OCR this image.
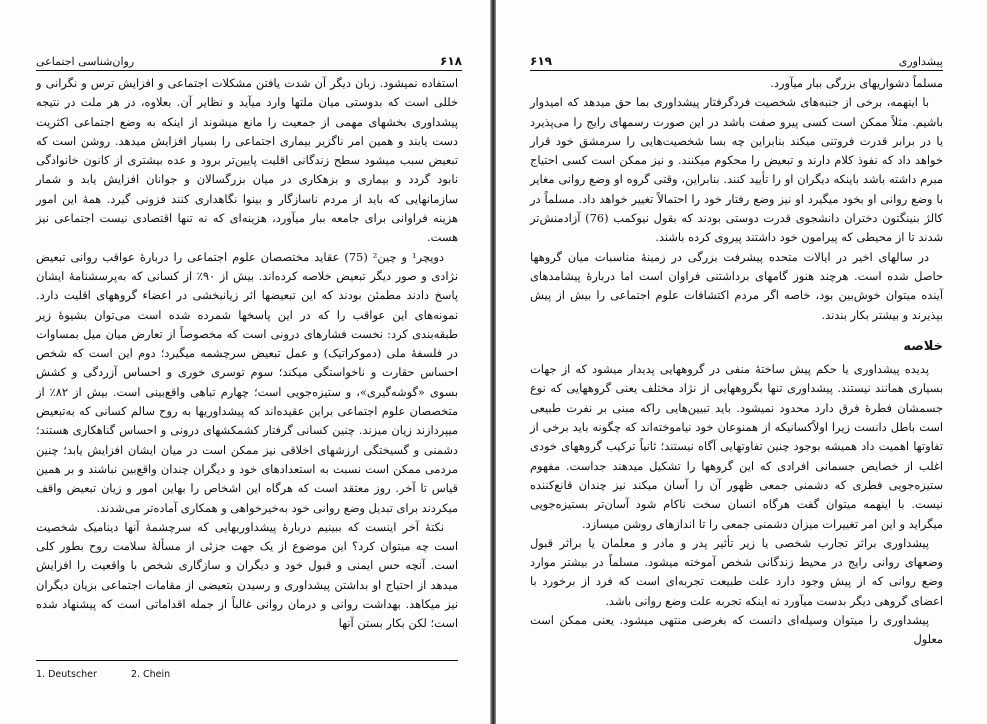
روان‌شناسی اجتماعی	۶۱۸

استفاده نمیشود. زبان دیگر آن شدت یافتن مشکلات اجتماعی و افزایش ترس و نگرانی و خللی است که بدوستی میان ملتها وارد میآید و نظایر آن. بعلاوه، در هر ملت در نتیجه پیشداوری بخشهای مهمی از جمعیت را مانع میشوند از اینکه به وضع اجتماعی اکثریت دست یابند و همین امر ناگزیر بیماری اجتماعی را بسیار افزایش میدهد. روشن است که تبعیض سبب میشود سطح زندگانی اقلیت پایین‌تر برود و عده بیشتری از کانون خانوادگی نابود گردد و بیماری و بزهکاری در میان بزرگسالان و جوانان افزایش یابد و شمار سازمانهایی که باید از مردم ناسازگار و بینوا نگاهداری کنند فزونی گیرد. همهٔ این امور هزینه فراوانی برای جامعه ببار میآورد، هزینه‌ای که نه تنها اقتصادی نیست اجتماعی نیز هست.

دویچر¹ و چین² (75) عقاید مختصصان علوم اجتماعی را دربارهٔ عواقب روانی تبعیض نژادی و صور دیگر تبعیض خلاصه کرده‌اند. بیش از ۹۰٪ از کسانی که به‌پرسشنامهٔ ایشان پاسخ دادند مطمئن بودند که این تبعیضها اثر زیانبخشی در اعضاء گروههای اقلیت دارد. نمونه‌های این عواقب را که در این پاسخها شمرده شده است می‌توان بشیوهٔ زیر طبقه‌بندی کرد: نخست فشارهای درونی است که مخصوصاً از تعارض میان میل بمساوات در فلسفهٔ ملی (دموکراتیک) و عمل تبعیض سرچشمه میگیرد؛ دوم این است که شخص احساس حقارت و ناخواستگی میکند؛ سوم توسری خوری و احساس آزردگی و کشش بسوی «گوشه‌گیری»، و ستیزه‌جویی است؛ چهارم تباهی واقع‌بینی است. بیش از ۸۲٪ از متخصصان علوم اجتماعی براین عقیده‌اند که پیشداوریها به روح سالم کسانی که به‌تبعیض میپردازند زیان میزند. چنین کسانی گرفتار کشمکشهای درونی و احساس گناهکاری هستند؛ دشمنی و گسیختگی ارزشهای اخلاقی نیز ممکن است در میان ایشان افزایش یابد؛ چنین مردمی ممکن است نسبت به استعدادهای خود و دیگران چندان واقع‌بین نباشند و بر همین قیاس تا آخر. روز معتقد است که هرگاه این اشخاص را بهاین امور و زیان تبعیض واقف میکردند برای تبدیل وضع روانی خود به‌خیرخواهی و همکاری آماده‌تر می‌شدند.

نکتهٔ آخر اینست که ببینیم دربارهٔ پیشداوریهایی که سرچشمهٔ آنها دینامیک شخصیت است چه میتوان کرد؟ این موضوع از یک جهت جزئی از مسألهٔ سلامت روح بطور کلی است. آنچه حس ایمنی و قبول خود و دیگران و سازگاری شخص با واقعیت را افزایش میدهد از احتیاج او بداشتن پیشداوری و رسیدن بتعیضی از مقامات اجتماعی بزیان دیگران نیز میکاهد. بهداشت روانی و درمان روانی غالباً از جمله اقداماتی است که پیشنهاد شده است؛ لکن بکار بستن آنها

1. Deutscher	2. Chein
۶۱۹	پیشداوری

مسلماً دشواریهای بزرگی ببار میآورد.

با اینهمه، برخی از جنبه‌های شخصیت فردگرفتار پیشداوری بما حق میدهد که امیدوار باشیم. مثلاً ممکن است کسی پیرو صفت باشد در این صورت رسمهای رایج را می‌پذیرد یا در برابر قدرت فروتنی میکند بنابراین چه بسا شخصیت‌هایی را سرمشق خود قرار خواهد داد که نفوذ کلام دارند و تبعیض را محکوم میکنند. و نیز ممکن است کسی احتیاج مبرم داشته باشد باینکه دیگران او را تأیید کنند. بنابراین، وقتی گروه او وضع روانی مغایر با وضع روانی او بخود میگیرد او نیز وضع رفتار خود را احتمالاً تغییر خواهد داد. مسلماً در کالژ بنینگتون دختران دانشجوی قدرت دوستی بودند که بقول نیوکمب (76) آزادمنش‌تر شدند تا از محیطی که پیرامون خود داشتند پیروی کرده باشند.

در سالهای اخیر در ایالات متحده پیشرفت بزرگی در زمینهٔ مناسبات میان گروهها حاصل شده است. هرچند هنوز گامهای برداشتنی فراوان است اما دربارهٔ پیشامدهای آینده میتوان خوش‌بین بود، خاصه اگر مردم اکتشافات علوم اجتماعی را بیش از پیش بپذیرند و بیشتر بکار بندند.

خلاصه

پدیده پیشداوری یا حکم پیش ساختهٔ منفی در گروههایی پدیدار میشود که از جهات بسیاری همانند نیستند. پیشداوری تنها بگروههایی از نژاد مختلف یعنی گروههایی که نوع جسمشان فطرهٔ فرق دارد محدود نمیشود. باید تبیین‌هایی راکه مبنی بر نفرت طبیعی است باطل دانست زیرا اولاًکسانیکه از همنوعان خود نیاموخته‌اند که چگونه باید برخی از تفاوتها اهمیت داد همیشه بوجود چنین تفاوتهایی آگاه نیستند؛ ثانیاً ترکیب گروههای خودی اغلب از خصایص جسمانی افرادی که این گروهها را تشکیل میدهند جداست. مفهوم ستیزه‌جویی فطری که دشمنی جمعی ظهور آن را آسان میکند نیز چندان قانع‌کننده نیست. با اینهمه میتوان گفت هرگاه انسان سخت ناکام شود آسان‌تر بستیزه‌جویی میگراید و این امر تغییرات میزان دشمنی جمعی را تا اندازهای روشن میسازد.

پیشداوری براثر تجارب شخصی یا زیر تأثیر پدر و مادر و معلمان یا براثر قبول وضعهای روانی رایج در محیط زندگانی شخص آموخته میشود. مسلماً در بیشتر موارد وضع روانی که از پیش وجود دارد علت طبیعت تجربه‌ای است که فرد از برخورد با اعضای گروهی دیگر بدست میآورد نه اینکه تجربه علت وضع روانی باشد.

پیشداوری را میتوان وسیله‌ای دانست که بغرضی منتهی میشود. یعنی ممکن است معلول
